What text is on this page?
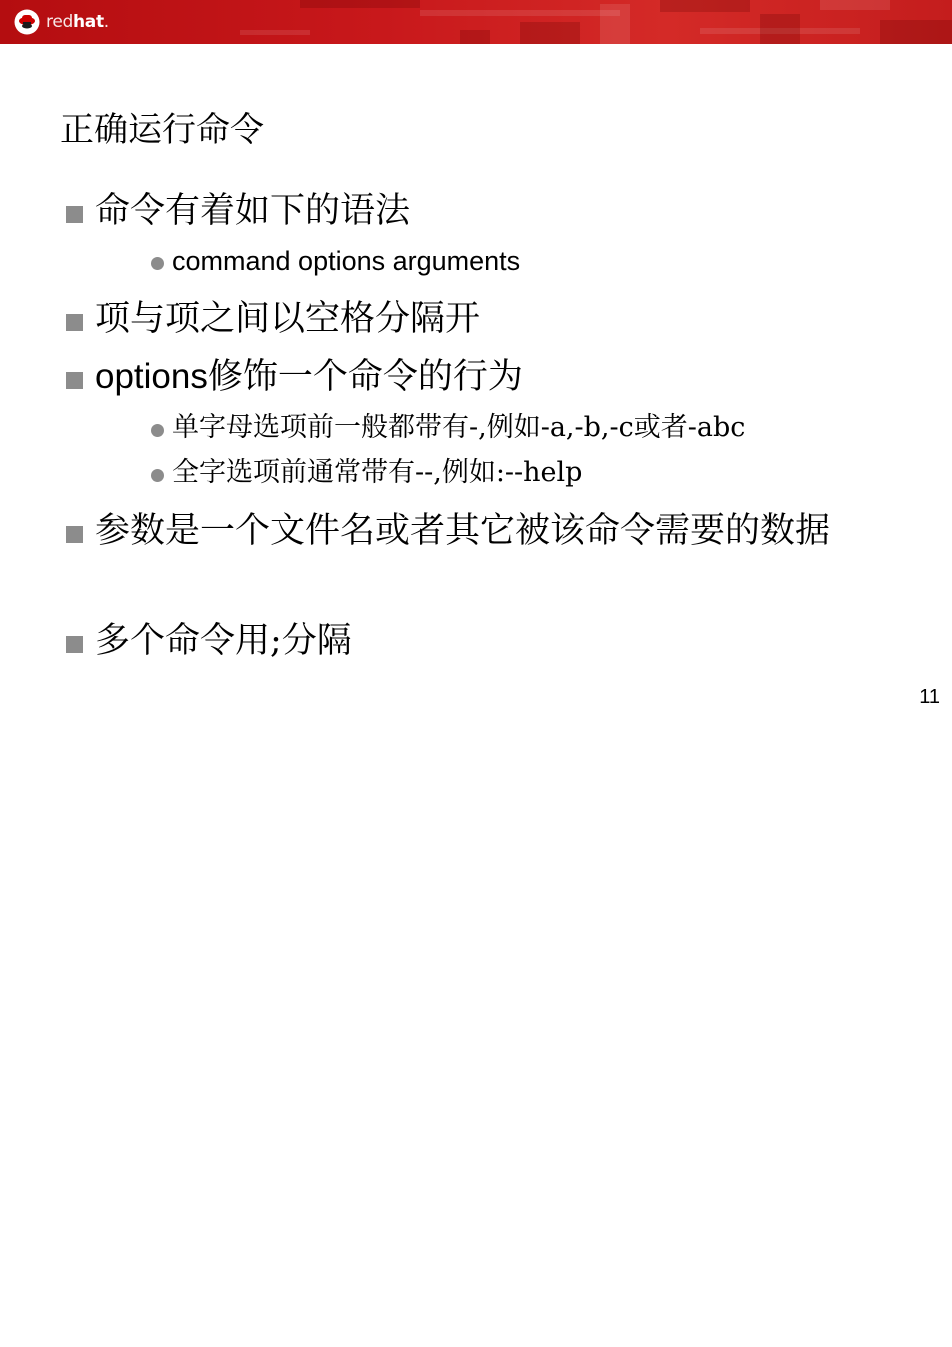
redhat.
正确运行命令
命令有着如下的语法
command options arguments
项与项之间以空格分隔开
options修饰一个命令的行为
单字母选项前一般都带有-,例如-a,-b,-c或者-abc
全字选项前通常带有--,例如:--help
参数是一个文件名或者其它被该命令需要的数据
多个命令用;分隔
11
